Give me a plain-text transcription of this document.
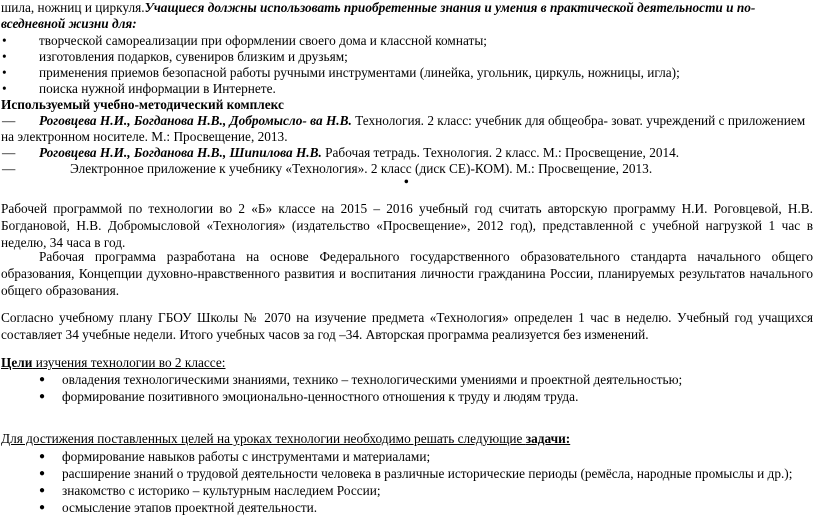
шила, ножниц и циркуля.Учащиеся должны использовать приобретенные знания и умения в практической деятельности и по-
вседневной жизни для:
• творческой самореализации при оформлении своего дома и классной комнаты;
• изготовления подарков, сувениров близким и друзьям;
• применения приемов безопасной работы ручными инструментами (линейка, угольник, циркуль, ножницы, игла);
• поиска нужной информации в Интернете.
Используемый учебно-методический комплекс
— Роговцева Н.И., Богданова Н.В., Добромысло- ва Н.В. Технология. 2 класс: учебник для общеобра- зоват. учреждений с приложением
на электронном носителе. М.: Просвещение, 2013.
— Роговцева Н.И., Богданова Н.В., Шипилова Н.В. Рабочая тетрадь. Технология. 2 класс. М.: Просвещение, 2014.
—	Электронное приложение к учебнику «Технология». 2 класс (диск СЕ)-КОМ). М.: Просвещение, 2013.
•
Рабочей программой по технологии во 2 «Б» классе на 2015 – 2016 учебный год считать авторскую программу Н.И. Роговцевой, Н.В. Богдановой, Н.В. Добромысловой «Технология» (издательство «Просвещение», 2012 год), представленной с учебной нагрузкой 1 час в неделю, 34 часа в год.
Рабочая программа разработана на основе Федерального государственного образовательного стандарта начального общего образования, Концепции духовно-нравственного развития и воспитания личности гражданина России, планируемых результатов начального общего образования.
Согласно учебному плану ГБОУ Школы № 2070 на изучение предмета «Технология» определен 1 час в неделю. Учебный год учащихся составляет 34 учебные недели. Итого учебных часов за год –34. Авторская программа реализуется без изменений.
Цели изучения технологии во 2 классе:
● овладения технологическими знаниями, технико – технологическими умениями и проектной деятельностью;
● формирование позитивного эмоционально-ценностного отношения к труду и людям труда.
Для достижения поставленных целей на уроках технологии необходимо решать следующие задачи:
● формирование навыков работы с инструментами и материалами;
● расширение знаний о трудовой деятельности человека в различные исторические периоды (ремёсла, народные промыслы и др.);
● знакомство с историко – культурным наследием России;
● осмысление этапов проектной деятельности.
